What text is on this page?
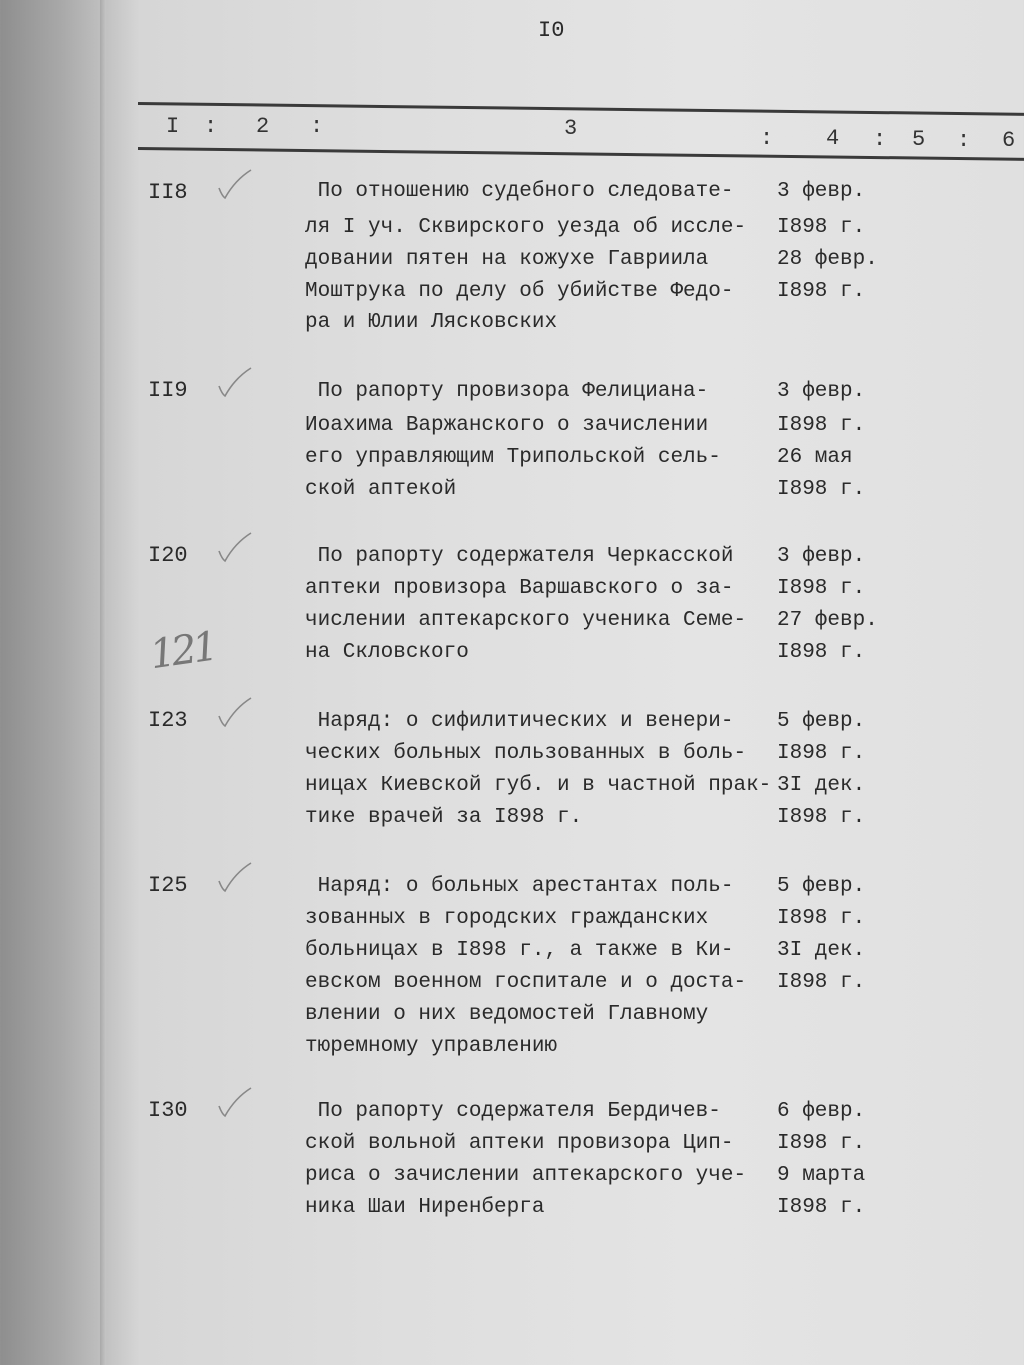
I0
I : 2 :	3	: 4 : 5 : 6
121
II8	По отношению судебного следовате-	3 февр.
ля I уч. Сквирского уезда об иссле-	I898 г.
довании пятен на кожухе Гавриила	28 февр.
Моштрука по делу об убийстве Федо-	I898 г.
ра и Юлии Лясковских
II9	По рапорту провизора Фелициана-	3 февр.
Иоахима Варжанского о зачислении	I898 г.
его управляющим Трипольской сель-	26 мая
ской аптекой	I898 г.
I20	По рапорту содержателя Черкасской	3 февр.
аптеки провизора Варшавского о за-	I898 г.
числении аптекарского ученика Семе-	27 февр.
на Скловского	I898 г.
I23	Наряд: о сифилитических и венери-	5 февр.
ческих больных пользованных в боль-	I898 г.
ницах Киевской губ. и в частной прак- 3I дек.
тике врачей за I898 г.	I898 г.
I25	Наряд: о больных арестантах поль-	5 февр.
зованных в городских гражданских	I898 г.
больницах в I898 г., а также в Ки-	3I дек.
евском военном госпитале и о доста-	I898 г.
влении о них ведомостей Главному
тюремному управлению
I30	По рапорту содержателя Бердичев-	6 февр.
ской вольной аптеки провизора Цип-	I898 г.
риса о зачислении аптекарского уче-	9 марта
ника Шаи Ниренберга	I898 г.
